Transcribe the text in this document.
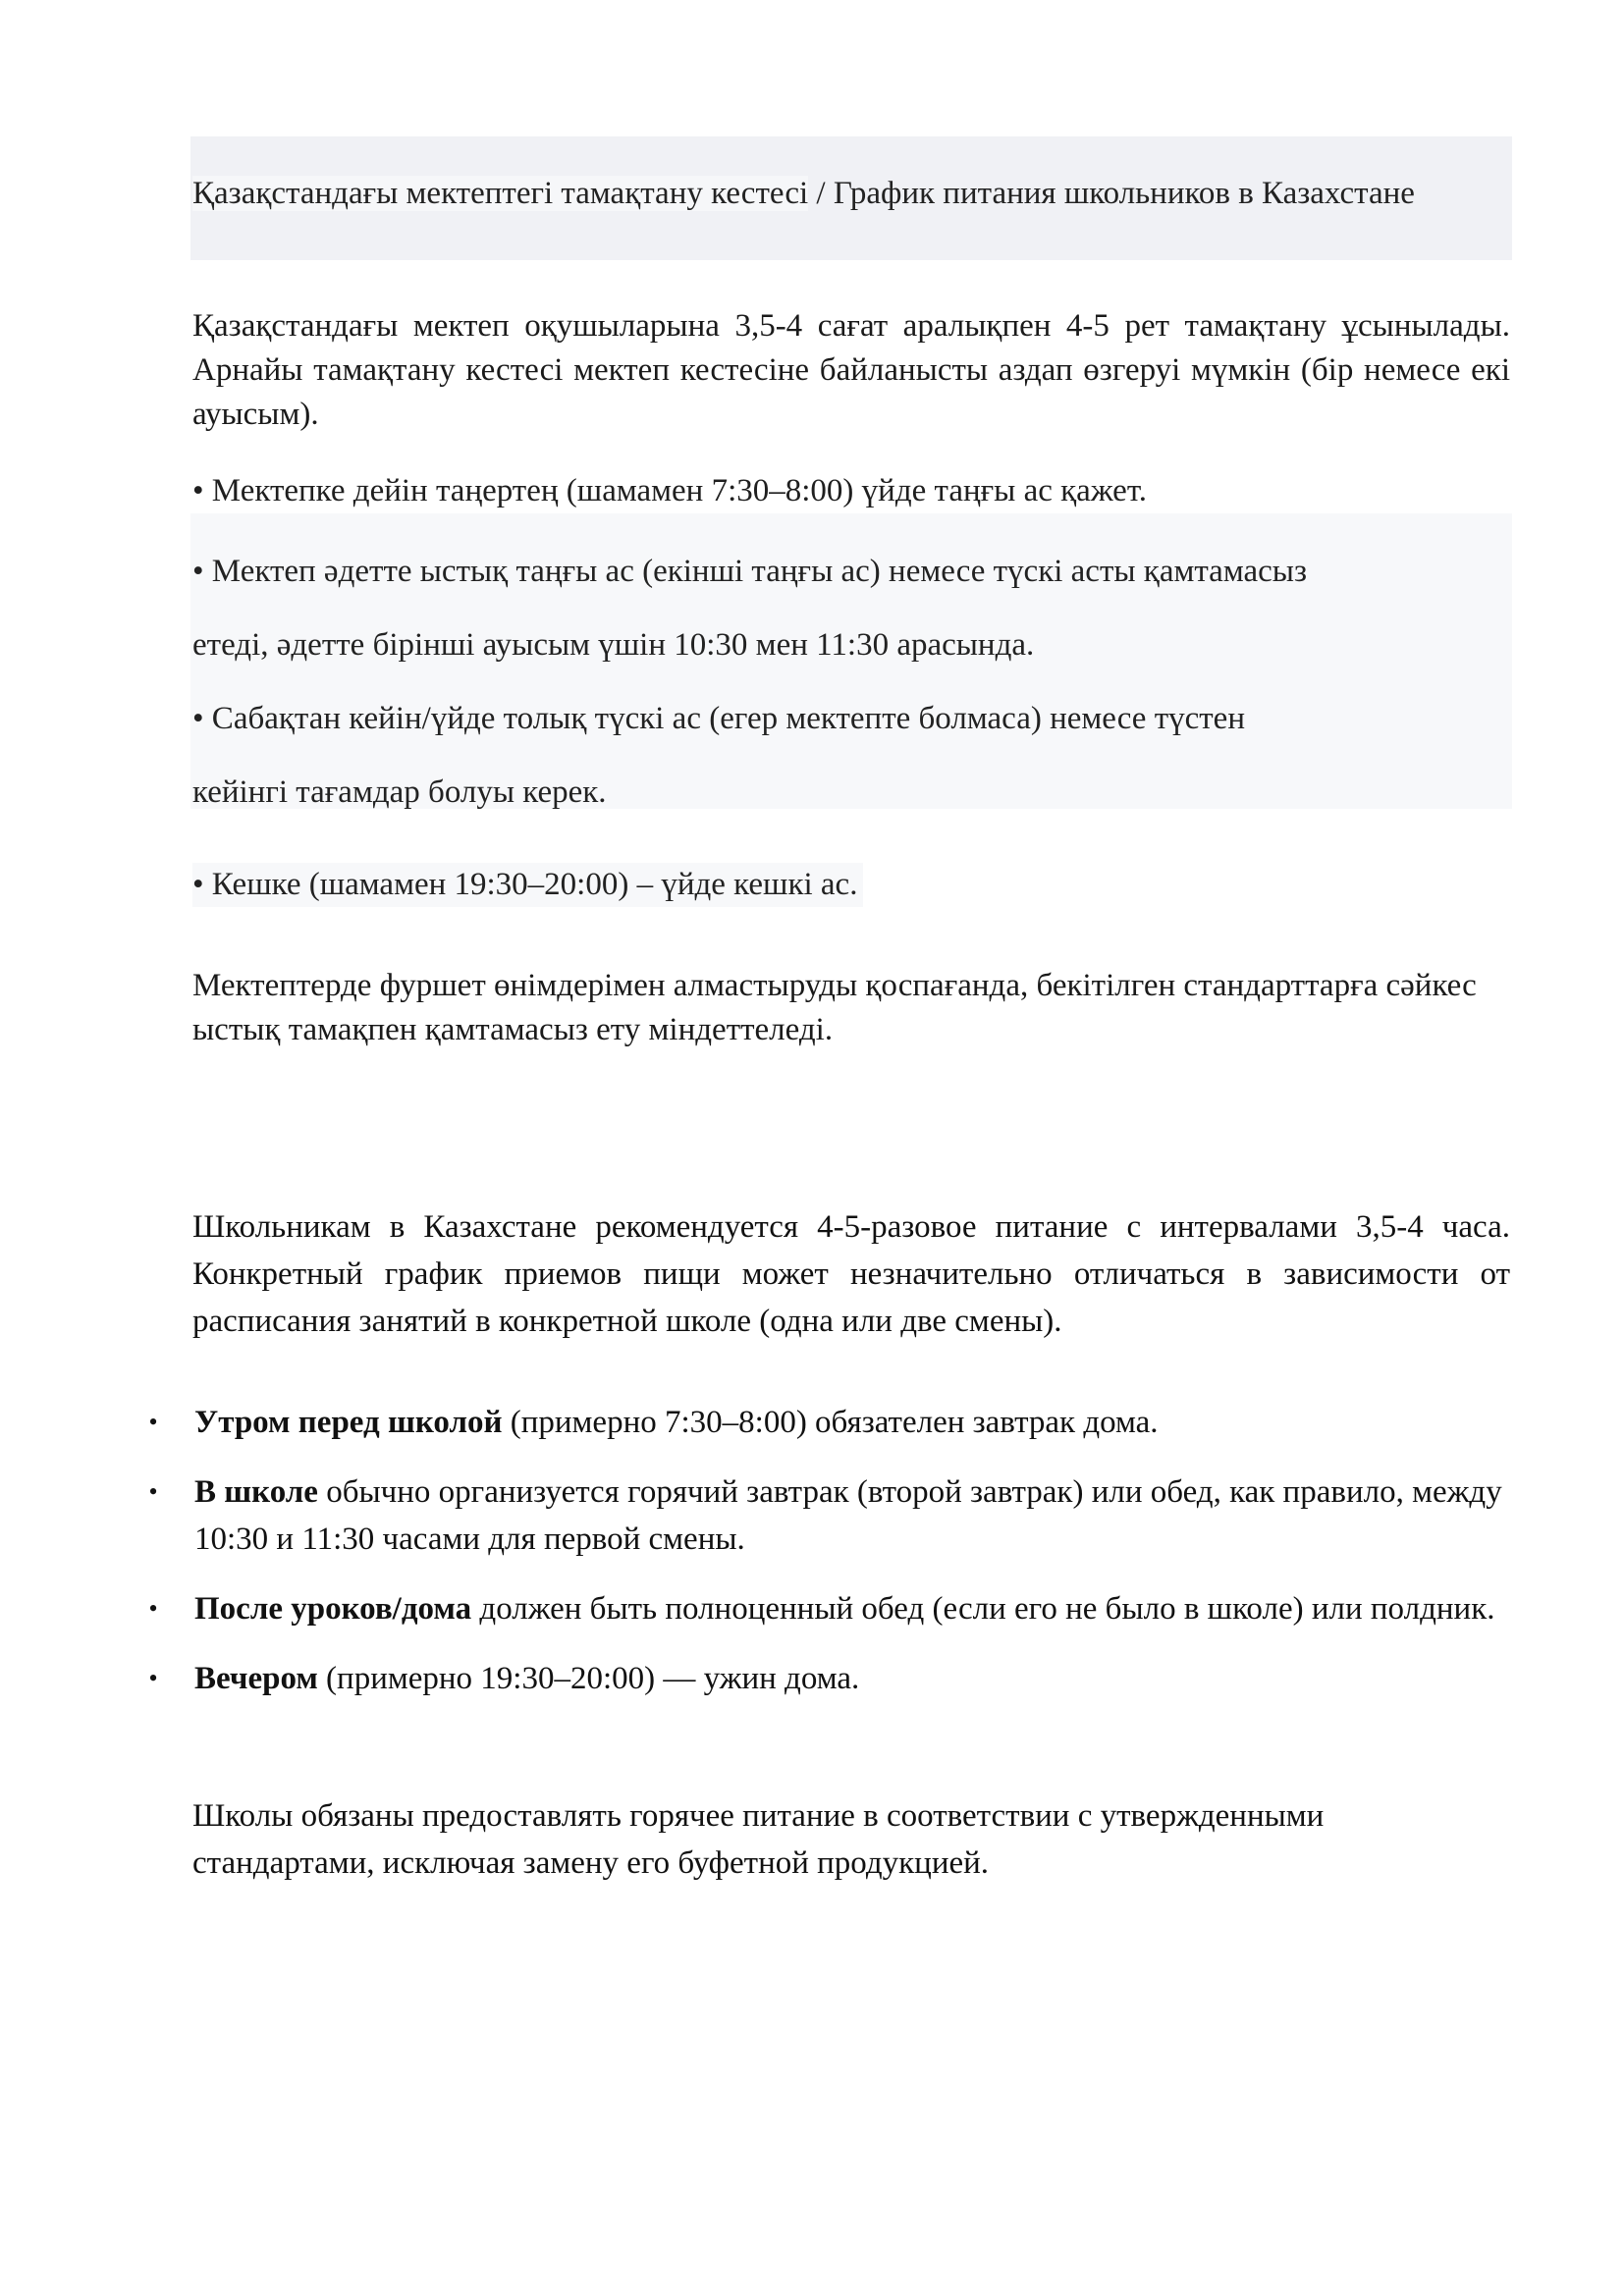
Қазақстандағы мектептегі тамақтану кестесі / График питания школьников в Казахстане

Қазақстандағы мектеп оқушыларына 3,5-4 сағат аралықпен 4-5 рет тамақтану ұсынылады. Арнайы тамақтану кестесі мектеп кестесіне байланысты аздап өзгеруі мүмкін (бір немесе екі ауысым).

• Мектепке дейін таңертең (шамамен 7:30–8:00) үйде таңғы ас қажет.
• Мектеп әдетте ыстық таңғы ас (екінші таңғы ас) немесе түскі асты қамтамасыз
етеді, әдетте бірінші ауысым үшін 10:30 мен 11:30 арасында.
• Сабақтан кейін/үйде толық түскі ас (егер мектепте болмаса) немесе түстен
кейінгі тағамдар болуы керек.
• Кешке (шамамен 19:30–20:00) – үйде кешкі ас.

Мектептерде фуршет өнімдерімен алмастыруды қоспағанда, бекітілген стандарттарға сәйкес ыстық тамақпен қамтамасыз ету міндеттеледі.

Школьникам в Казахстане рекомендуется 4-5-разовое питание с интервалами 3,5-4 часа. Конкретный график приемов пищи может незначительно отличаться в зависимости от расписания занятий в конкретной школе (одна или две смены).

• Утром перед школой (примерно 7:30–8:00) обязателен завтрак дома.
• В школе обычно организуется горячий завтрак (второй завтрак) или обед, как правило, между 10:30 и 11:30 часами для первой смены.
• После уроков/дома должен быть полноценный обед (если его не было в школе) или полдник.
• Вечером (примерно 19:30–20:00) — ужин дома.

Школы обязаны предоставлять горячее питание в соответствии с утвержденными стандартами, исключая замену его буфетной продукцией.
